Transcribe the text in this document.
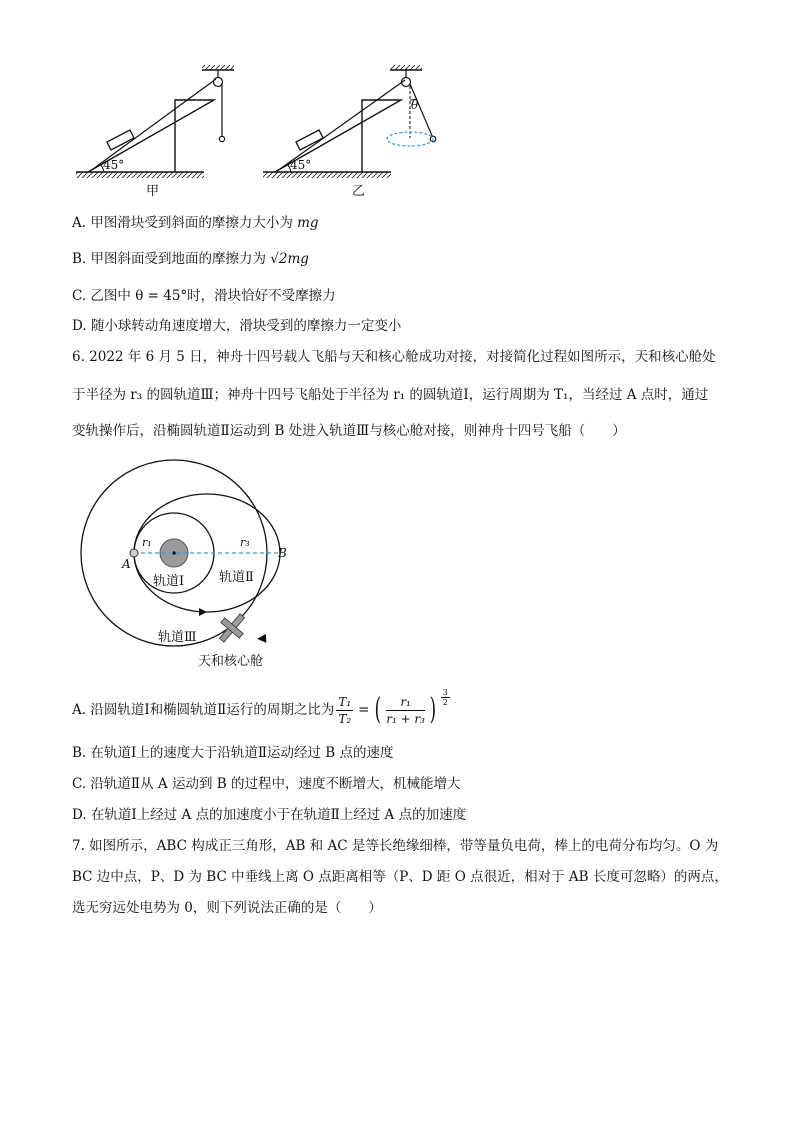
45°
甲
45°
乙
θ
A. 甲图滑块受到斜面的摩擦力大小为 mg
B. 甲图斜面受到地面的摩擦力为 √2mg
C. 乙图中 θ = 45°时，滑块恰好不受摩擦力
D. 随小球转动角速度增大，滑块受到的摩擦力一定变小
6. 2022 年 6 月 5 日，神舟十四号载人飞船与天和核心舱成功对接，对接简化过程如图所示，天和核心舱处
于半径为 r₃ 的圆轨道Ⅲ；神舟十四号飞船处于半径为 r₁ 的圆轨道Ⅰ，运行周期为 T₁，当经过 A 点时，通过
变轨操作后，沿椭圆轨道Ⅱ运动到 B 处进入轨道Ⅲ与核心舱对接，则神舟十四号飞船（　　）
A
B
r₁	r₃
轨道Ⅰ	轨道Ⅱ
轨道Ⅲ
天和核心舱
A. 沿圆轨道Ⅰ和椭圆轨道Ⅱ运行的周期之比为 $\frac{\text{T₁}}{\text{T₂}}$ = ( $\frac{\text{r₁}}{\text{r₁ + r₃}}$ ) $\frac{3}{2}$
B. 在轨道Ⅰ上的速度大于沿轨道Ⅱ运动经过 B 点的速度
C. 沿轨道Ⅱ从 A 运动到 B 的过程中，速度不断增大，机械能增大
D. 在轨道Ⅰ上经过 A 点的加速度小于在轨道Ⅱ上经过 A 点的加速度
7. 如图所示，ABC 构成正三角形，AB 和 AC 是等长绝缘细棒，带等量负电荷，棒上的电荷分布均匀。O 为
BC 边中点，P、D 为 BC 中垂线上离 O 点距离相等（P、D 距 O 点很近，相对于 AB 长度可忽略）的两点，
选无穷远处电势为 0，则下列说法正确的是（　　）
